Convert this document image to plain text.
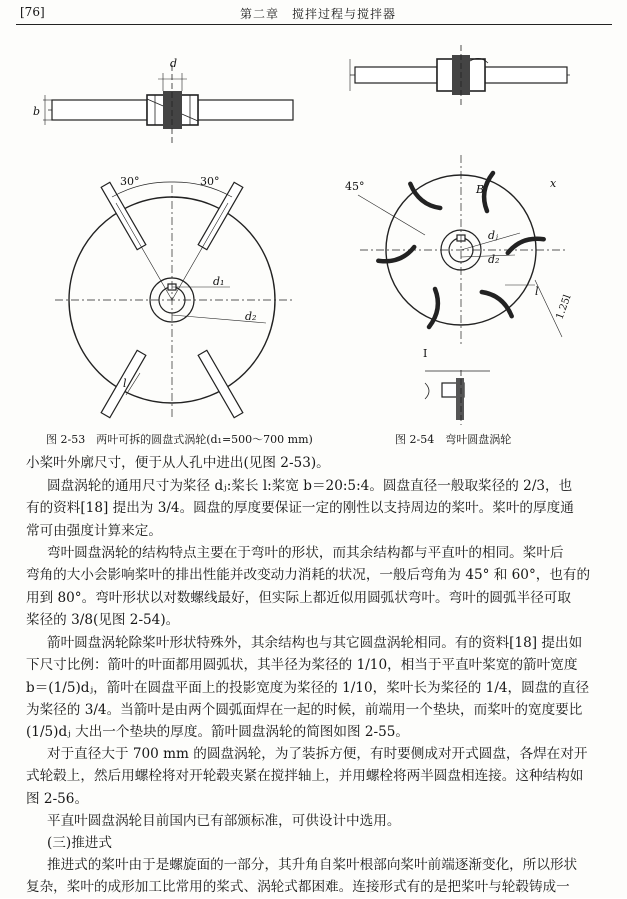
[76]	第二章　搅拌过程与搅拌器
d
b
30°	30°
d₁
d₂
l
45°	B
dⱼ
d₂
l
1.25l
I
x
图 2-53　两叶可拆的圆盘式涡轮(d₁=500～700 mm)	图 2-54　弯叶圆盘涡轮
小桨叶外廓尺寸，便于从人孔中进出(见图 2-53)。
圆盘涡轮的通用尺寸为桨径 dⱼ:桨长 l:桨宽 b＝20:5:4。圆盘直径一般取桨径的 2/3，也
有的资料[18] 提出为 3/4。圆盘的厚度要保证一定的刚性以支持周边的桨叶。桨叶的厚度通
常可由强度计算来定。
弯叶圆盘涡轮的结构特点主要在于弯叶的形状，而其余结构都与平直叶的相同。桨叶后
弯角的大小会影响桨叶的排出性能并改变动力消耗的状况，一般后弯角为 45° 和 60°，也有的
用到 80°。弯叶形状以对数螺线最好，但实际上都近似用圆弧状弯叶。弯叶的圆弧半径可取
桨径的 3/8(见图 2-54)。
箭叶圆盘涡轮除桨叶形状特殊外，其余结构也与其它圆盘涡轮相同。有的资料[18] 提出如
下尺寸比例：箭叶的叶面都用圆弧状，其半径为桨径的 1/10，相当于平直叶桨宽的箭叶宽度
b＝(1/5)dⱼ，箭叶在圆盘平面上的投影宽度为桨径的 1/10，桨叶长为桨径的 1/4，圆盘的直径
为桨径的 3/4。当箭叶是由两个圆弧面焊在一起的时候，前端用一个垫块，而桨叶的宽度要比
(1/5)dⱼ 大出一个垫块的厚度。箭叶圆盘涡轮的简图如图 2-55。
对于直径大于 700 mm 的圆盘涡轮，为了装拆方便，有时要侧成对开式圆盘，各焊在对开
式轮毂上，然后用螺栓将对开轮毂夹紧在搅拌轴上，并用螺栓将两半圆盘相连接。这种结构如
图 2-56。
平直叶圆盘涡轮目前国内已有部颁标准，可供设计中选用。
(三)推进式
推进式的桨叶由于是螺旋面的一部分，其升角自桨叶根部向桨叶前端逐渐变化，所以形状
复杂，桨叶的成形加工比常用的桨式、涡轮式都困难。连接形式有的是把桨叶与轮毂铸成一
